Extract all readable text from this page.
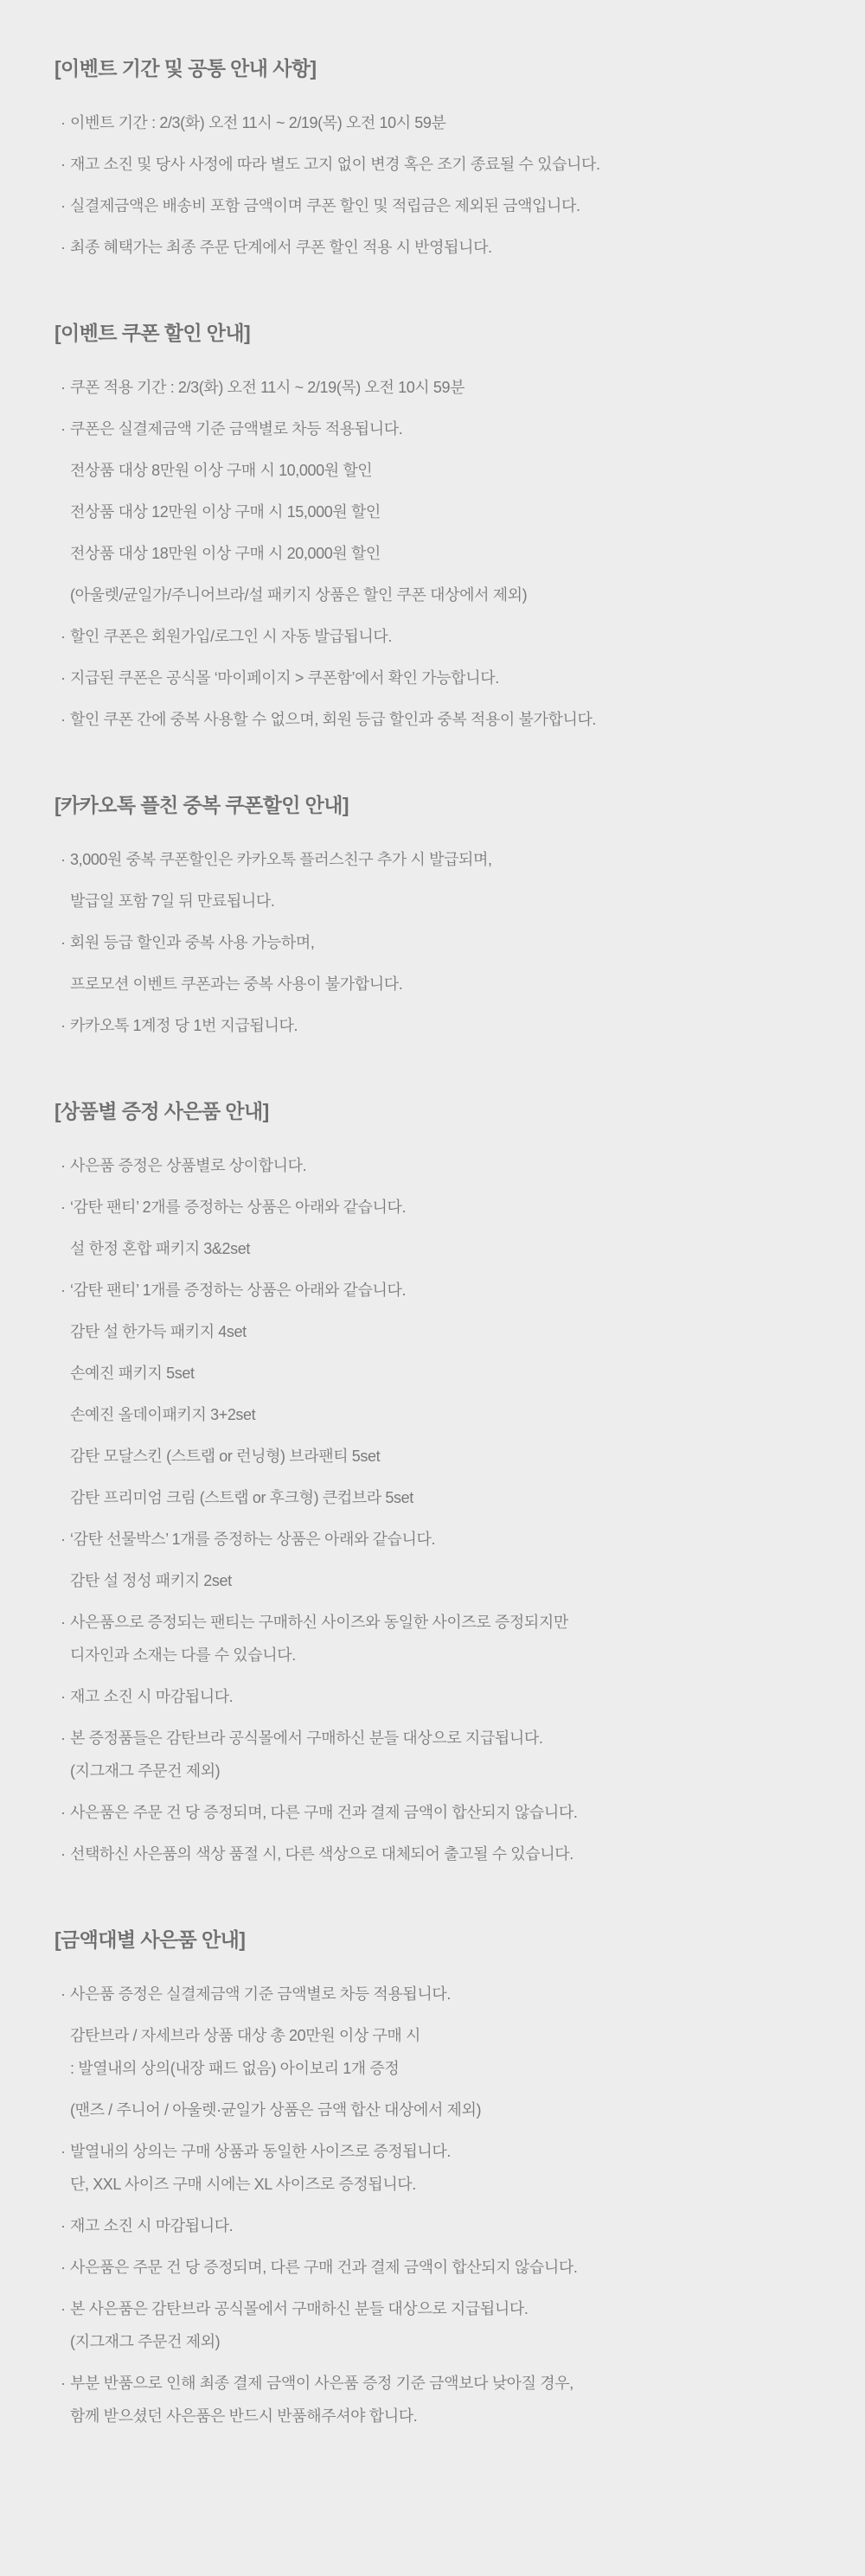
[이벤트 기간 및 공통 안내 사항]
· 이벤트 기간 : 2/3(화) 오전 11시 ~ 2/19(목) 오전 10시 59분
· 재고 소진 및 당사 사정에 따라 별도 고지 없이 변경 혹은 조기 종료될 수 있습니다.
· 실결제금액은 배송비 포함 금액이며 쿠폰 할인 및 적립금은 제외된 금액입니다.
· 최종 혜택가는 최종 주문 단계에서 쿠폰 할인 적용 시 반영됩니다.
[이벤트 쿠폰 할인 안내]
· 쿠폰 적용 기간 : 2/3(화) 오전 11시 ~ 2/19(목) 오전 10시 59분
· 쿠폰은 실결제금액 기준 금액별로 차등 적용됩니다.
전상품 대상 8만원 이상 구매 시 10,000원 할인
전상품 대상 12만원 이상 구매 시 15,000원 할인
전상품 대상 18만원 이상 구매 시 20,000원 할인
(아울렛/균일가/주니어브라/설 패키지 상품은 할인 쿠폰 대상에서 제외)
· 할인 쿠폰은 회원가입/로그인 시 자동 발급됩니다.
· 지급된 쿠폰은 공식몰 ‘마이페이지 > 쿠폰함’에서 확인 가능합니다.
· 할인 쿠폰 간에 중복 사용할 수 없으며, 회원 등급 할인과 중복 적용이 불가합니다.
[카카오톡 플친 중복 쿠폰할인 안내]
· 3,000원 중복 쿠폰할인은 카카오톡 플러스친구 추가 시 발급되며,
발급일 포함 7일 뒤 만료됩니다.
· 회원 등급 할인과 중복 사용 가능하며,
프로모션 이벤트 쿠폰과는 중복 사용이 불가합니다.
· 카카오톡 1계정 당 1번 지급됩니다.
[상품별 증정 사은품 안내]
· 사은품 증정은 상품별로 상이합니다.
· ‘감탄 팬티’ 2개를 증정하는 상품은 아래와 같습니다.
설 한정 혼합 패키지 3&2set
· ‘감탄 팬티’ 1개를 증정하는 상품은 아래와 같습니다.
감탄 설 한가득 패키지 4set
손예진 패키지 5set
손예진 올데이패키지 3+2set
감탄 모달스킨 (스트랩 or 런닝형) 브라팬티 5set
감탄 프리미엄 크림 (스트랩 or 후크형) 큰컵브라 5set
· ‘감탄 선물박스’ 1개를 증정하는 상품은 아래와 같습니다.
감탄 설 정성 패키지 2set
· 사은품으로 증정되는 팬티는 구매하신 사이즈와 동일한 사이즈로 증정되지만
디자인과 소재는 다를 수 있습니다.
· 재고 소진 시 마감됩니다.
· 본 증정품들은 감탄브라 공식몰에서 구매하신 분들 대상으로 지급됩니다.
(지그재그 주문건 제외)
· 사은품은 주문 건 당 증정되며, 다른 구매 건과 결제 금액이 합산되지 않습니다.
· 선택하신 사은품의 색상 품절 시, 다른 색상으로 대체되어 출고될 수 있습니다.
[금액대별 사은품 안내]
· 사은품 증정은 실결제금액 기준 금액별로 차등 적용됩니다.
감탄브라 / 자세브라 상품 대상 총 20만원 이상 구매 시
: 발열내의 상의(내장 패드 없음) 아이보리 1개 증정
(맨즈 / 주니어 / 아울렛·균일가 상품은 금액 합산 대상에서 제외)
· 발열내의 상의는 구매 상품과 동일한 사이즈로 증정됩니다.
단, XXL 사이즈 구매 시에는 XL 사이즈로 증정됩니다.
· 재고 소진 시 마감됩니다.
· 사은품은 주문 건 당 증정되며, 다른 구매 건과 결제 금액이 합산되지 않습니다.
· 본 사은품은 감탄브라 공식몰에서 구매하신 분들 대상으로 지급됩니다.
(지그재그 주문건 제외)
· 부분 반품으로 인해 최종 결제 금액이 사은품 증정 기준 금액보다 낮아질 경우,
함께 받으셨던 사은품은 반드시 반품해주셔야 합니다.
